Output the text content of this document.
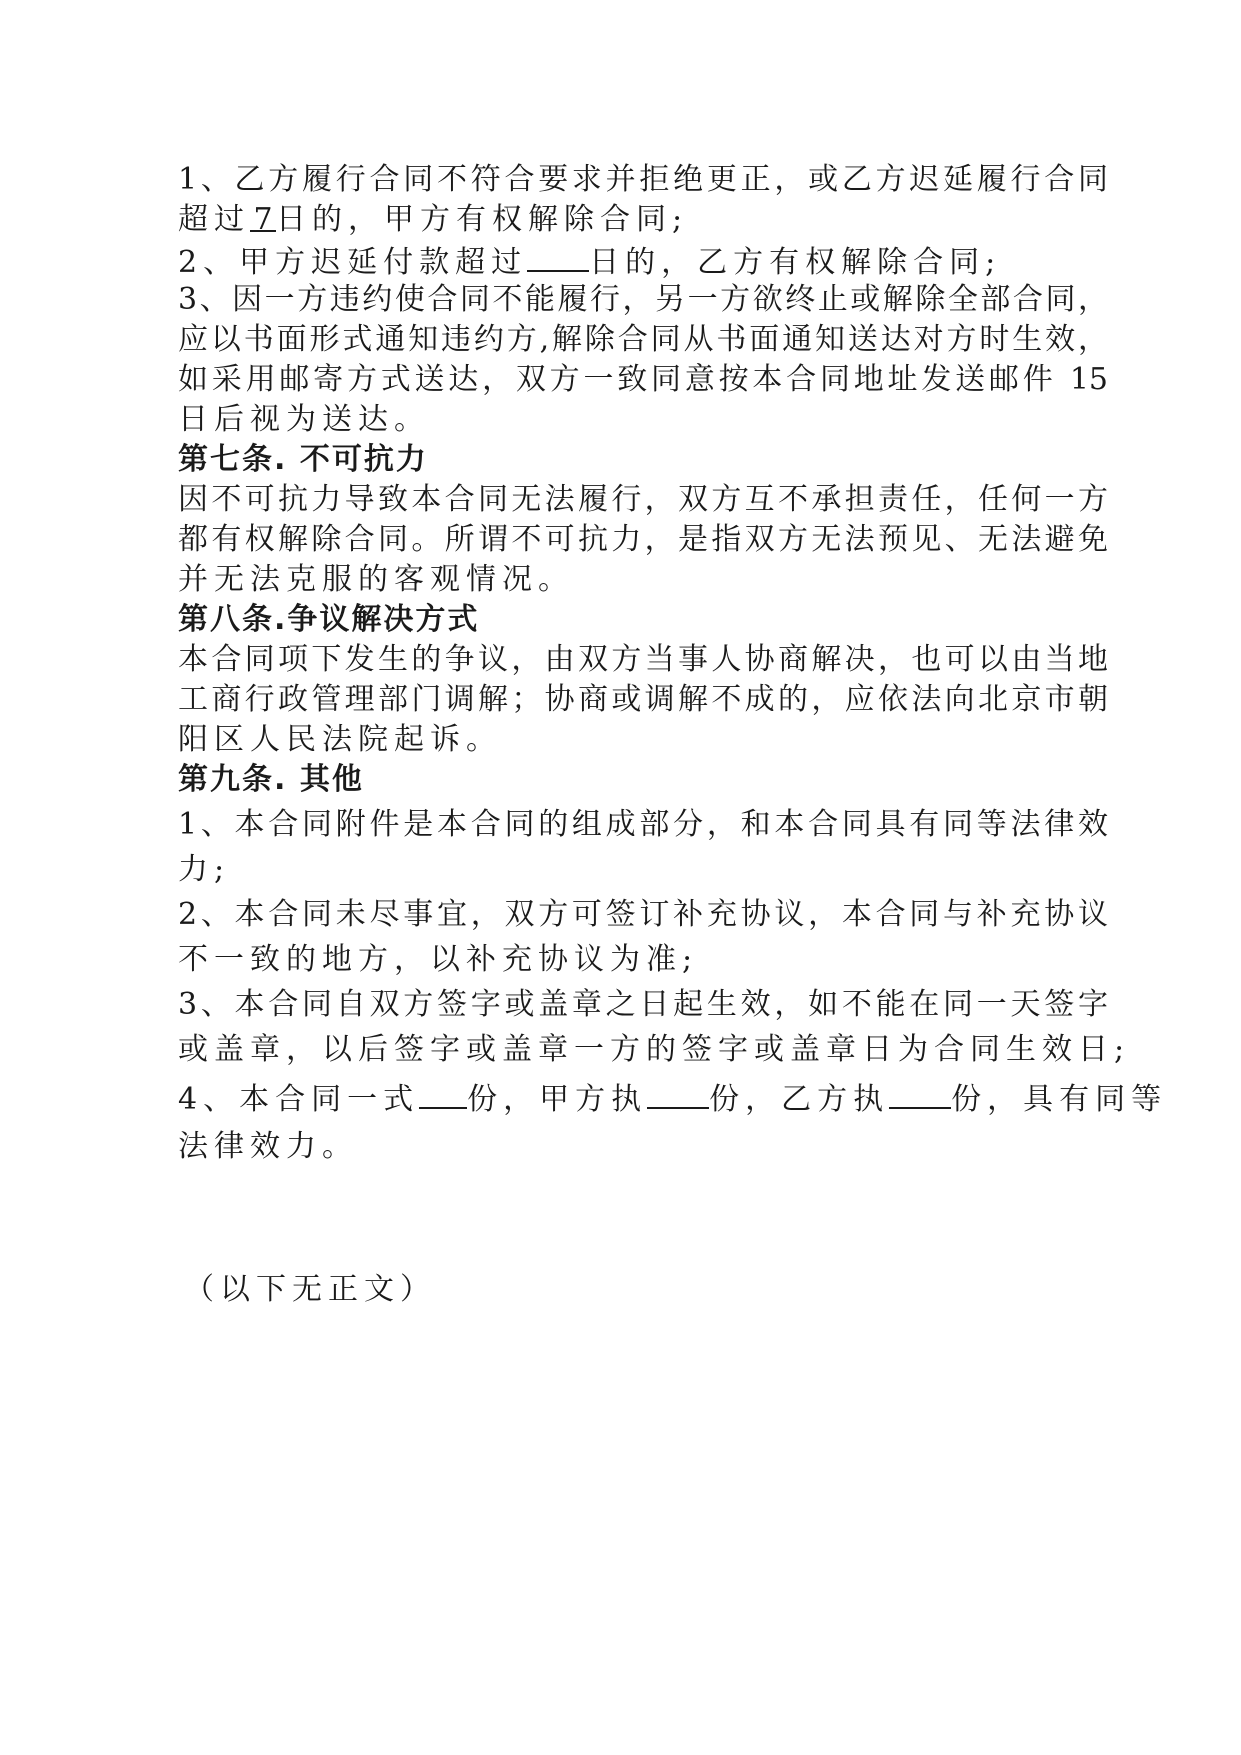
1、乙方履行合同不符合要求并拒绝更正，或乙方迟延履行合同
超过 7 日的，甲方有权解除合同;
2、甲方迟延付款超过 日的，乙方有权解除合同;
3、因一方违约使合同不能履行，另一方欲终止或解除全部合同，
应以书面形式通知违约方,解除合同从书面通知送达对方时生效，
如采用邮寄方式送达，双方一致同意按本合同地址发送邮件 15
日后视为送达。
第七条. 不可抗力
因不可抗力导致本合同无法履行，双方互不承担责任，任何一方
都有权解除合同。所谓不可抗力，是指双方无法预见、无法避免
并无法克服的客观情况。
第八条.争议解决方式
本合同项下发生的争议，由双方当事人协商解决，也可以由当地
工商行政管理部门调解；协商或调解不成的，应依法向北京市朝
阳区人民法院起诉。
第九条. 其他
1、本合同附件是本合同的组成部分，和本合同具有同等法律效
力;
2、本合同未尽事宜，双方可签订补充协议，本合同与补充协议
不一致的地方，以补充协议为准;
3、本合同自双方签字或盖章之日起生效，如不能在同一天签字
或盖章，以后签字或盖章一方的签字或盖章日为合同生效日;
4、本合同一式 份，甲方执 份，乙方执 份，具有同等
法律效力。
（以下无正文）
